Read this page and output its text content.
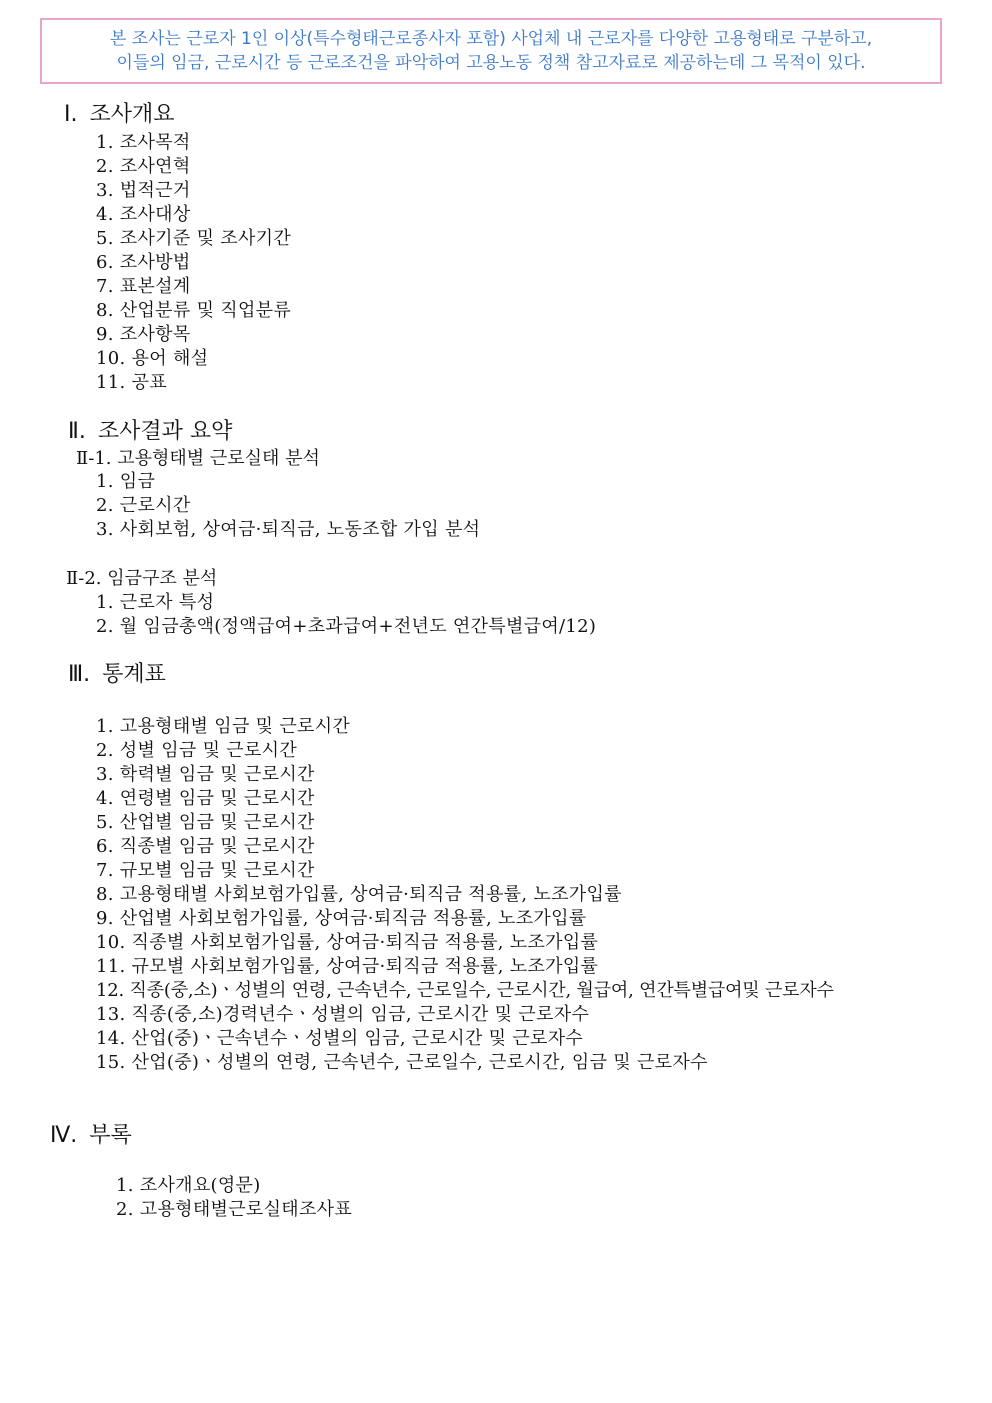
본 조사는 근로자 1인 이상(특수형태근로종사자 포함) 사업체 내 근로자를 다양한 고용형태로 구분하고,
이들의 임금, 근로시간 등 근로조건을 파악하여 고용노동 정책 참고자료로 제공하는데 그 목적이 있다.
Ⅰ. 조사개요
1. 조사목적
2. 조사연혁
3. 법적근거
4. 조사대상
5. 조사기준 및 조사기간
6. 조사방법
7. 표본설계
8. 산업분류 및 직업분류
9. 조사항목
10. 용어 해설
11. 공표
Ⅱ. 조사결과 요약
Ⅱ-1. 고용형태별 근로실태 분석
1. 임금
2. 근로시간
3. 사회보험, 상여금·퇴직금, 노동조합 가입 분석
Ⅱ-2. 임금구조 분석
1. 근로자 특성
2. 월 임금총액(정액급여+초과급여+전년도 연간특별급여/12)
Ⅲ. 통계표
1. 고용형태별 임금 및 근로시간
2. 성별 임금 및 근로시간
3. 학력별 임금 및 근로시간
4. 연령별 임금 및 근로시간
5. 산업별 임금 및 근로시간
6. 직종별 임금 및 근로시간
7. 규모별 임금 및 근로시간
8. 고용형태별 사회보험가입률, 상여금·퇴직금 적용률, 노조가입률
9. 산업별 사회보험가입률, 상여금·퇴직금 적용률, 노조가입률
10. 직종별 사회보험가입률, 상여금·퇴직금 적용률, 노조가입률
11. 규모별 사회보험가입률, 상여금·퇴직금 적용률, 노조가입률
12. 직종(중,소)ㆍ성별의 연령, 근속년수, 근로일수, 근로시간, 월급여, 연간특별급여및 근로자수
13. 직종(중,소)경력년수ㆍ성별의 임금, 근로시간 및 근로자수
14. 산업(중)ㆍ근속년수ㆍ성별의 임금, 근로시간 및 근로자수
15. 산업(중)ㆍ성별의 연령, 근속년수, 근로일수, 근로시간, 임금 및 근로자수
Ⅳ. 부록
1. 조사개요(영문)
2. 고용형태별근로실태조사표
